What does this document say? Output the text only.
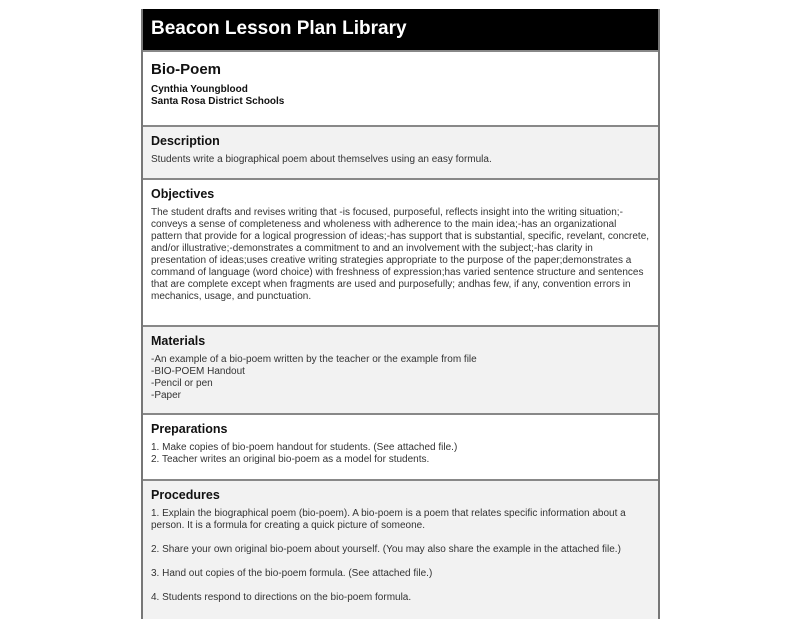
Beacon Lesson Plan Library
Bio-Poem
Cynthia Youngblood
Santa Rosa District Schools
Description
Students write a biographical poem about themselves using an easy formula.
Objectives
The student drafts and revises writing that -is focused, purposeful, reflects insight into the writing situation;-conveys a sense of completeness and wholeness with adherence to the main idea;-has an organizational pattern that provide for a logical progression of ideas;-has support that is substantial, specific, revelant, concrete, and/or illustrative;-demonstrates a commitment to and an involvement with the subject;-has clarity in presentation of ideas;uses creative writing strategies appropriate to the purpose of the paper;demonstrates a command of language (word choice) with freshness of expression;has varied sentence structure and sentences that are complete except when fragments are used and purposefully; andhas few, if any, convention errors in mechanics, usage, and punctuation.
Materials
-An example of a bio-poem written by the teacher or the example from file
-BIO-POEM Handout
-Pencil or pen
-Paper
Preparations
1. Make copies of bio-poem handout for students. (See attached file.)
2. Teacher writes an original bio-poem as a model for students.
Procedures
1. Explain the biographical poem (bio-poem). A bio-poem is a poem that relates specific information about a person. It is a formula for creating a quick picture of someone.
2. Share your own original bio-poem about yourself. (You may also share the example in the attached file.)
3. Hand out copies of the bio-poem formula. (See attached file.)
4. Students respond to directions on the bio-poem formula.
